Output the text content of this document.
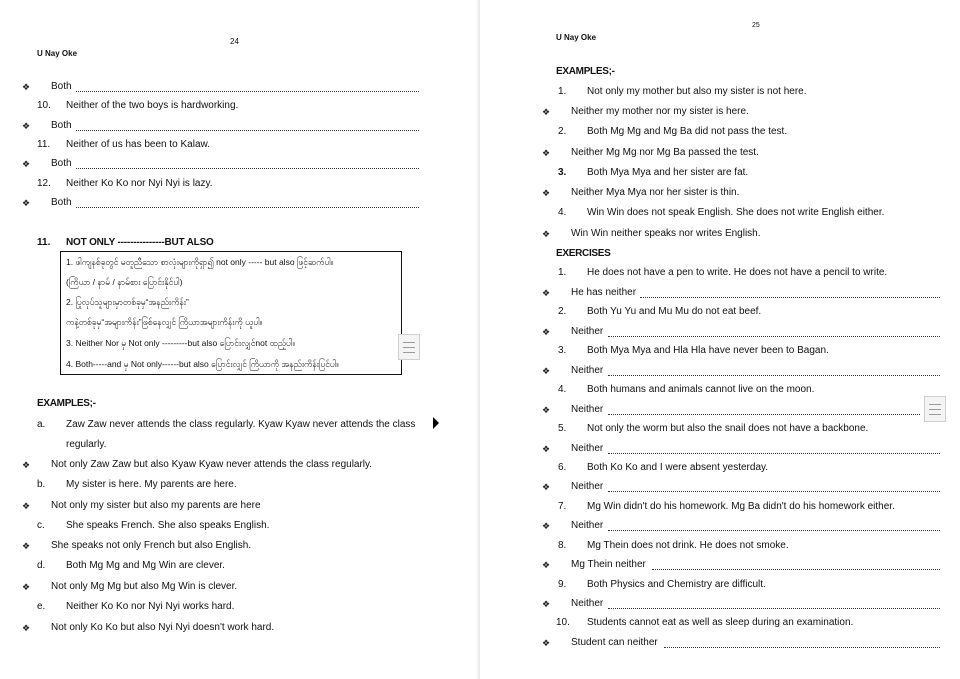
U Nay Oke
24
❖ Both
10. Neither of the two boys is hardworking.
❖ Both
11. Neither of us has been to Kalaw.
❖ Both
12. Neither Ko Ko nor Nyi Nyi is lazy.
❖ Both
11. NOT ONLY ---------------BUT ALSO
1. ဖါကျနစ်ခုတွင် မတူညီသော စာလုံးများကိုရှာ၍ not only ----- but also ဖြင့်ဆက်ပါ။
(ကြိယာ / နာမ် / နာမ်စား ပြောင်းနိုင်ပါ)
2. ပြုလုပ်သူများမှာတစ်ခုမှ“အနည်းကိန်း”
ကနဲ့တစ်ခုမှ“အများကိန်း”ဖြစ်နေလျှင် ကြိယာအများကိန်းကို ယူပါ။
3. Neither Nor မှ Not only ---------but also ပြောင်းလျှင်not ထည့်ပါ။
4. Both-----and မှ Not only------but also ပြောင်းလျှင် ကြိယာကို အနည်းကိန်းပြင်ပါ။
EXAMPLES;-
a. Zaw Zaw never attends the class regularly. Kyaw Kyaw never attends the class
regularly.
❖ Not only Zaw Zaw but also Kyaw Kyaw never attends the class regularly.
b. My sister is here. My parents are here.
❖ Not only my sister but also my parents are here
c. She speaks French. She also speaks English.
❖ She speaks not only French but also English.
d. Both Mg Mg and Mg Win are clever.
❖ Not only Mg Mg but also Mg Win is clever.
e. Neither Ko Ko nor Nyi Nyi works hard.
❖ Not only Ko Ko but also Nyi Nyi doesn't work hard.
25
U Nay Oke
EXAMPLES;-
1. Not only my mother but also my sister is not here.
❖ Neither my mother nor my sister is here.
2. Both Mg Mg and Mg Ba did not pass the test.
❖ Neither Mg Mg nor Mg Ba passed the test.
3. Both Mya Mya and her sister are fat.
❖ Neither Mya Mya nor her sister is thin.
4. Win Win does not speak English. She does not write English either.
❖ Win Win neither speaks nor writes English.
EXERCISES
1. He does not have a pen to write. He does not have a pencil to write.
❖ He has neither
2. Both Yu Yu and Mu Mu do not eat beef.
❖ Neither
3. Both Mya Mya and Hla Hla have never been to Bagan.
❖ Neither
4. Both humans and animals cannot live on the moon.
❖ Neither
5. Not only the worm but also the snail does not have a backbone.
❖ Neither
6. Both Ko Ko and I were absent yesterday.
❖ Neither
7. Mg Win didn't do his homework. Mg Ba didn't do his homework either.
❖ Neither
8. Mg Thein does not drink. He does not smoke.
❖ Mg Thein neither
9. Both Physics and Chemistry are difficult.
❖ Neither
10. Students cannot eat as well as sleep during an examination.
❖ Student can neither
